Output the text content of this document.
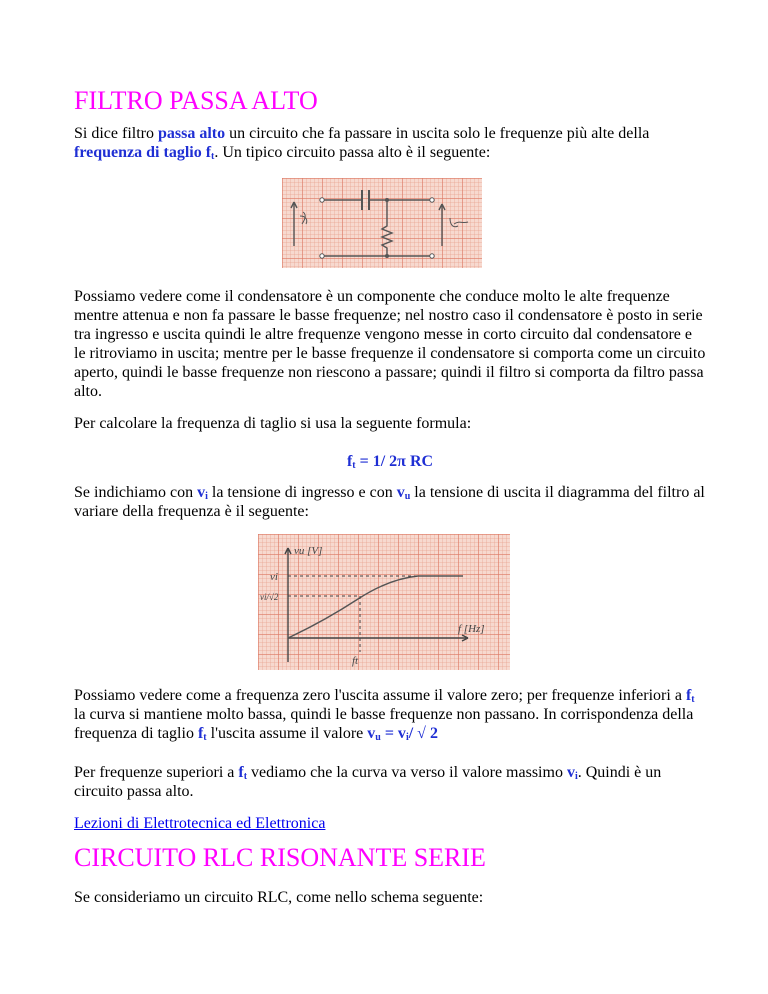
FILTRO PASSA ALTO

Si dice filtro passa alto un circuito che fa passare in uscita solo le frequenze più alte della frequenza di taglio $f_t$. Un tipico circuito passa alto è il seguente:

Possiamo vedere come il condensatore è un componente che conduce molto le alte frequenze mentre attenua e non fa passare le basse frequenze; nel nostro caso il condensatore è posto in serie tra ingresso e uscita quindi le altre frequenze vengono messe in corto circuito dal condensatore e le ritroviamo in uscita; mentre per le basse frequenze il condensatore si comporta come un circuito aperto, quindi le basse frequenze non riescono a passare; quindi il filtro si comporta da filtro passa alto.

Per calcolare la frequenza di taglio si usa la seguente formula:

$f_t = 1/$ 2π RC

Se indichiamo con $v_i$ la tensione di ingresso e con $v_u$ la tensione di uscita il diagramma del filtro al variare della frequenza è il seguente:

vu [V]
vi
vi/√2
f [Hz]
ft

Possiamo vedere come a frequenza zero l'uscita assume il valore zero; per frequenze inferiori a $f_t$ la curva si mantiene molto bassa, quindi le basse frequenze non passano. In corrispondenza della frequenza di taglio $f_t$ l'uscita assume il valore $v_u = v_i/$ √ 2

Per frequenze superiori a $f_t$ vediamo che la curva va verso il valore massimo $v_i$. Quindi è un circuito passa alto.

Lezioni di Elettrotecnica ed Elettronica

CIRCUITO RLC RISONANTE SERIE

Se consideriamo un circuito RLC, come nello schema seguente:
